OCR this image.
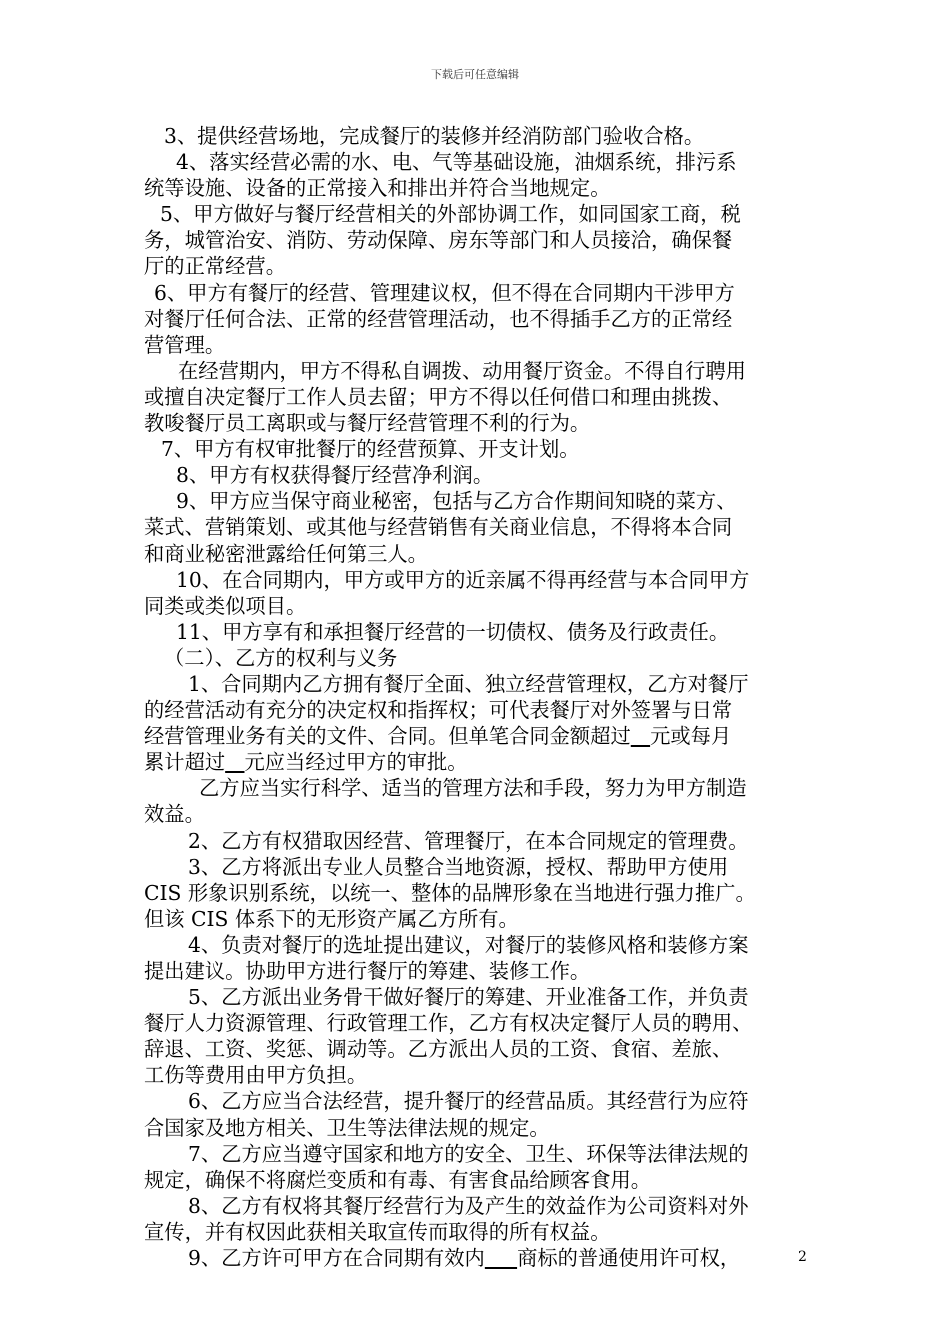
下载后可任意编辑

3、提供经营场地，完成餐厅的装修并经消防部门验收合格。

4、落实经营必需的水、电、气等基础设施，油烟系统，排污系

统等设施、设备的正常接入和排出并符合当地规定。

5、甲方做好与餐厅经营相关的外部协调工作，如同国家工商，税

务，城管治安、消防、劳动保障、房东等部门和人员接洽，确保餐

厅的正常经营。

6、甲方有餐厅的经营、管理建议权，但不得在合同期内干涉甲方

对餐厅任何合法、正常的经营管理活动，也不得插手乙方的正常经

营管理。

在经营期内，甲方不得私自调拨、动用餐厅资金。不得自行聘用

或擅自决定餐厅工作人员去留；甲方不得以任何借口和理由挑拨、

教唆餐厅员工离职或与餐厅经营管理不利的行为。

7、甲方有权审批餐厅的经营预算、开支计划。

8、甲方有权获得餐厅经营净利润。

9、甲方应当保守商业秘密，包括与乙方合作期间知晓的菜方、

菜式、营销策划、或其他与经营销售有关商业信息，不得将本合同

和商业秘密泄露给任何第三人。

10、在合同期内，甲方或甲方的近亲属不得再经营与本合同甲方

同类或类似项目。

11、甲方享有和承担餐厅经营的一切债权、债务及行政责任。

（二）、乙方的权利与义务

1、合同期内乙方拥有餐厅全面、独立经营管理权，乙方对餐厅

的经营活动有充分的决定权和指挥权；可代表餐厅对外签署与日常

经营管理业务有关的文件、合同。但单笔合同金额超过 元或每月

累计超过 元应当经过甲方的审批。

乙方应当实行科学、适当的管理方法和手段，努力为甲方制造

效益。

2、乙方有权猎取因经营、管理餐厅，在本合同规定的管理费。

3、乙方将派出专业人员整合当地资源，授权、帮助甲方使用

CIS 形象识别系统，以统一、整体的品牌形象在当地进行强力推广。

但该 CIS 体系下的无形资产属乙方所有。

4、负责对餐厅的选址提出建议，对餐厅的装修风格和装修方案

提出建议。协助甲方进行餐厅的筹建、装修工作。

5、乙方派出业务骨干做好餐厅的筹建、开业准备工作，并负责

餐厅人力资源管理、行政管理工作，乙方有权决定餐厅人员的聘用、

辞退、工资、奖惩、调动等。乙方派出人员的工资、食宿、差旅、

工伤等费用由甲方负担。

6、乙方应当合法经营，提升餐厅的经营品质。其经营行为应符

合国家及地方相关、卫生等法律法规的规定。

7、乙方应当遵守国家和地方的安全、卫生、环保等法律法规的

规定，确保不将腐烂变质和有毒、有害食品给顾客食用。

8、乙方有权将其餐厅经营行为及产生的效益作为公司资料对外

宣传，并有权因此获相关取宣传而取得的所有权益。

9、乙方许可甲方在合同期有效内 商标的普通使用许可权，	2
